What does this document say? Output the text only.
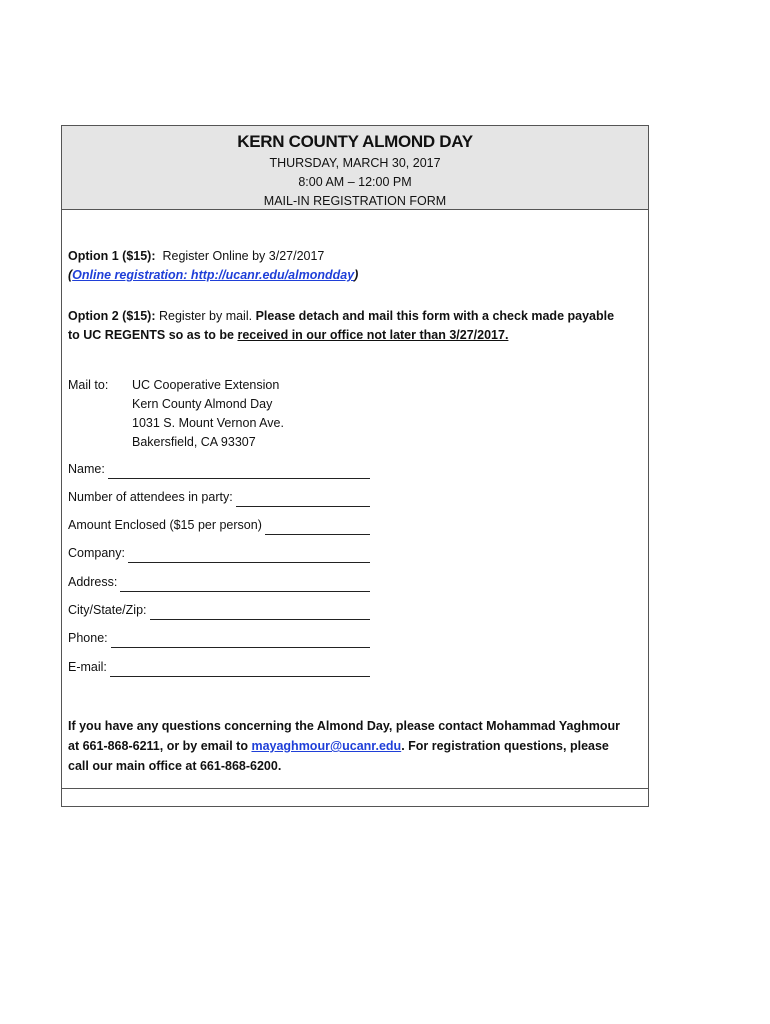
KERN COUNTY ALMOND DAY

THURSDAY, MARCH 30, 2017

8:00 AM – 12:00 PM

MAIL-IN REGISTRATION FORM

Option 1 ($15): Register Online by 3/27/2017
(Online registration: http://ucanr.edu/almondday)
Option 2 ($15): Register by mail. Please detach and mail this form with a check made payable to UC REGENTS so as to be received in our office not later than 3/27/2017.
Mail to:	UC Cooperative Extension
Kern County Almond Day
1031 S. Mount Vernon Ave.
Bakersfield, CA 93307
Name:
Number of attendees in party:
Amount Enclosed ($15 per person)
Company:
Address:
City/State/Zip:
Phone:
E-mail:
If you have any questions concerning the Almond Day, please contact Mohammad Yaghmour at 661-868-6211, or by email to mayaghmour@ucanr.edu. For registration questions, please call our main office at 661-868-6200.
